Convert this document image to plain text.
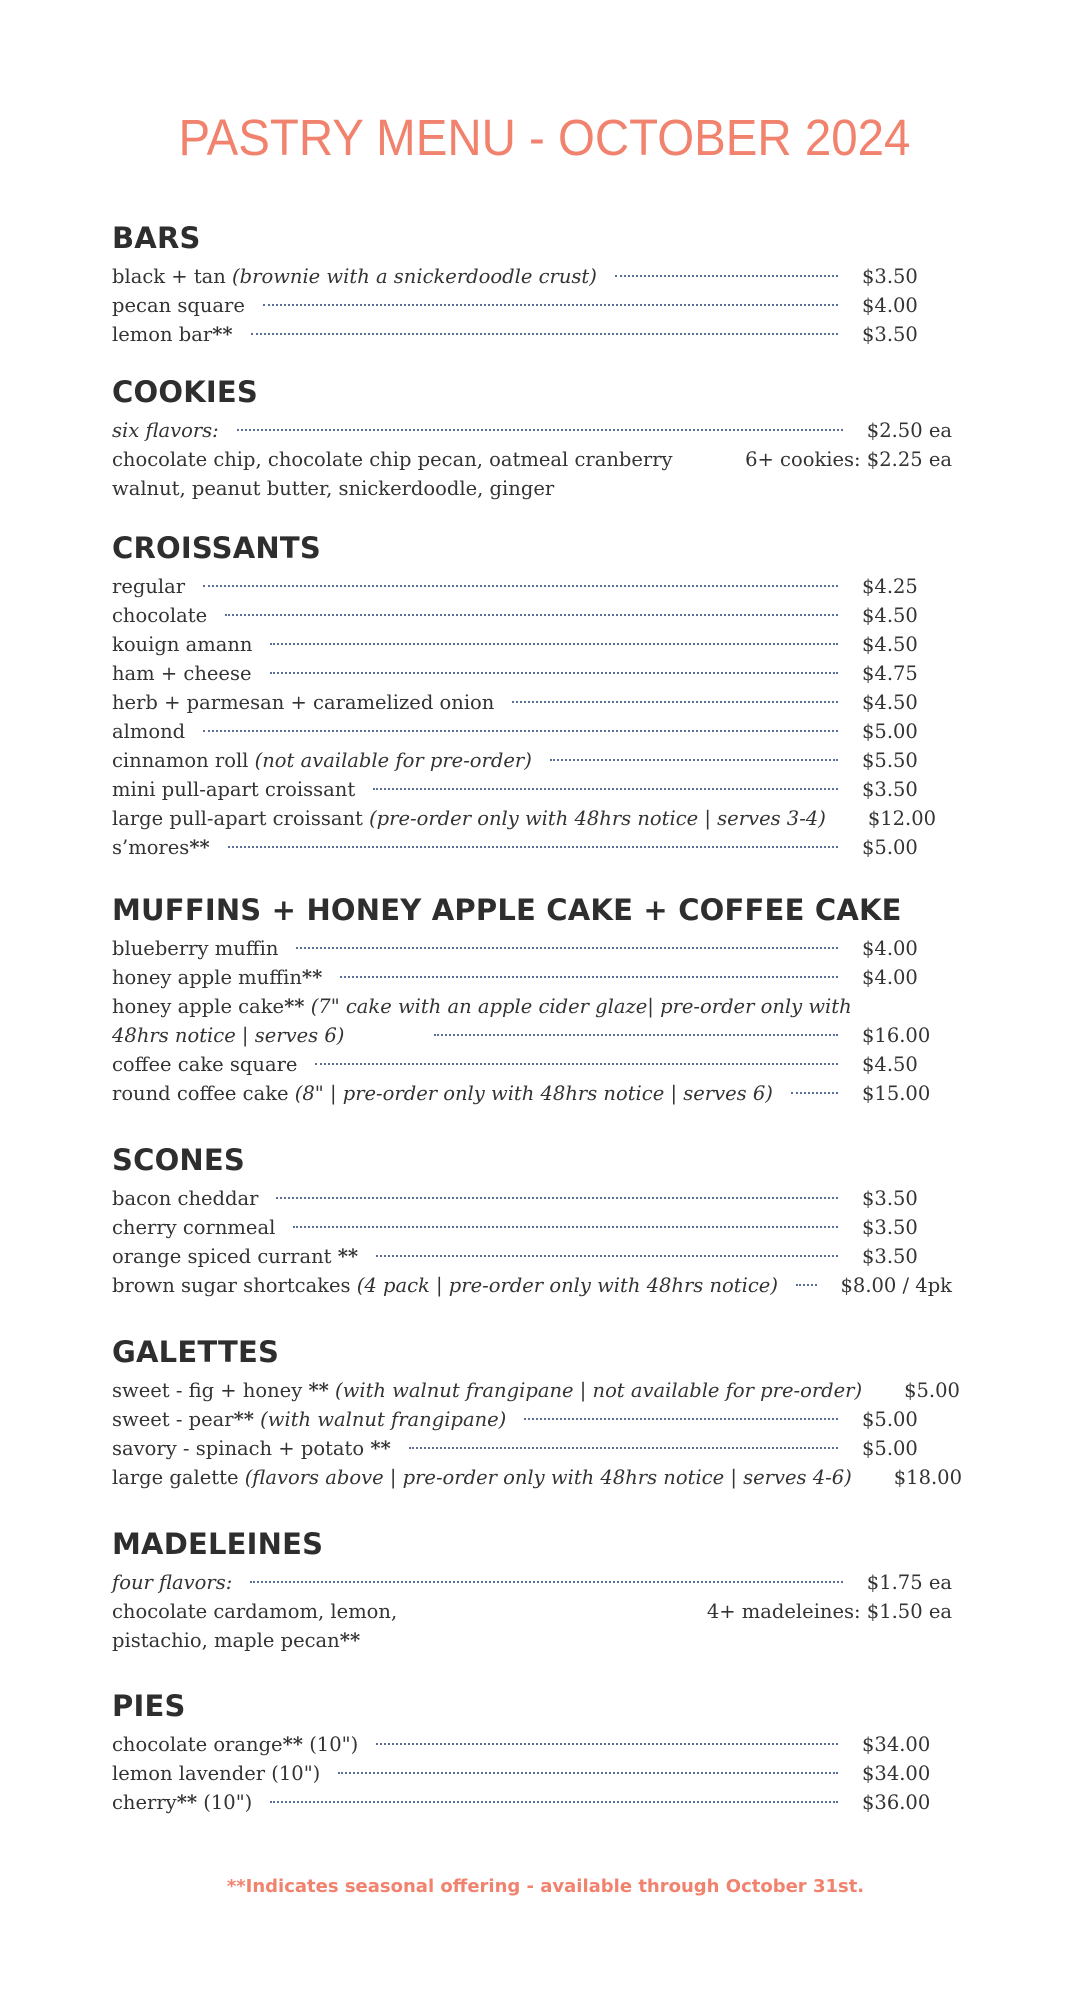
PASTRY MENU - OCTOBER 2024
BARS
black + tan (brownie with a snickerdoodle crust)	$3.50
pecan square	$4.00
lemon bar**	$3.50
COOKIES
six flavors:	$2.50 ea
chocolate chip, chocolate chip pecan, oatmeal cranberry	6+ cookies: $2.25 ea
walnut, peanut butter, snickerdoodle, ginger
CROISSANTS
regular	$4.25
chocolate	$4.50
kouign amann	$4.50
ham + cheese	$4.75
herb + parmesan + caramelized onion	$4.50
almond	$5.00
cinnamon roll (not available for pre-order)	$5.50
mini pull-apart croissant	$3.50
large pull-apart croissant (pre-order only with 48hrs notice | serves 3-4) $12.00
s’mores**	$5.00
MUFFINS + HONEY APPLE CAKE + COFFEE CAKE
blueberry muffin	$4.00
honey apple muffin**	$4.00
honey apple cake** (7" cake with an apple cider glaze| pre-order only with
48hrs notice | serves 6)	$16.00
coffee cake square	$4.50
round coffee cake (8" | pre-order only with 48hrs notice | serves 6)	$15.00
SCONES
bacon cheddar	$3.50
cherry cornmeal	$3.50
orange spiced currant **	$3.50
brown sugar shortcakes (4 pack | pre-order only with 48hrs notice)	$8.00 / 4pk
GALETTES
sweet - fig + honey ** (with walnut frangipane | not available for pre-order) $5.00
sweet - pear** (with walnut frangipane)	$5.00
savory - spinach + potato **	$5.00
large galette (flavors above | pre-order only with 48hrs notice | serves 4-6) $18.00
MADELEINES
four flavors:	$1.75 ea
chocolate cardamom, lemon,	4+ madeleines: $1.50 ea
pistachio, maple pecan**
PIES
chocolate orange** (10")	$34.00
lemon lavender (10")	$34.00
cherry** (10")	$36.00
**Indicates seasonal offering - available through October 31st.
